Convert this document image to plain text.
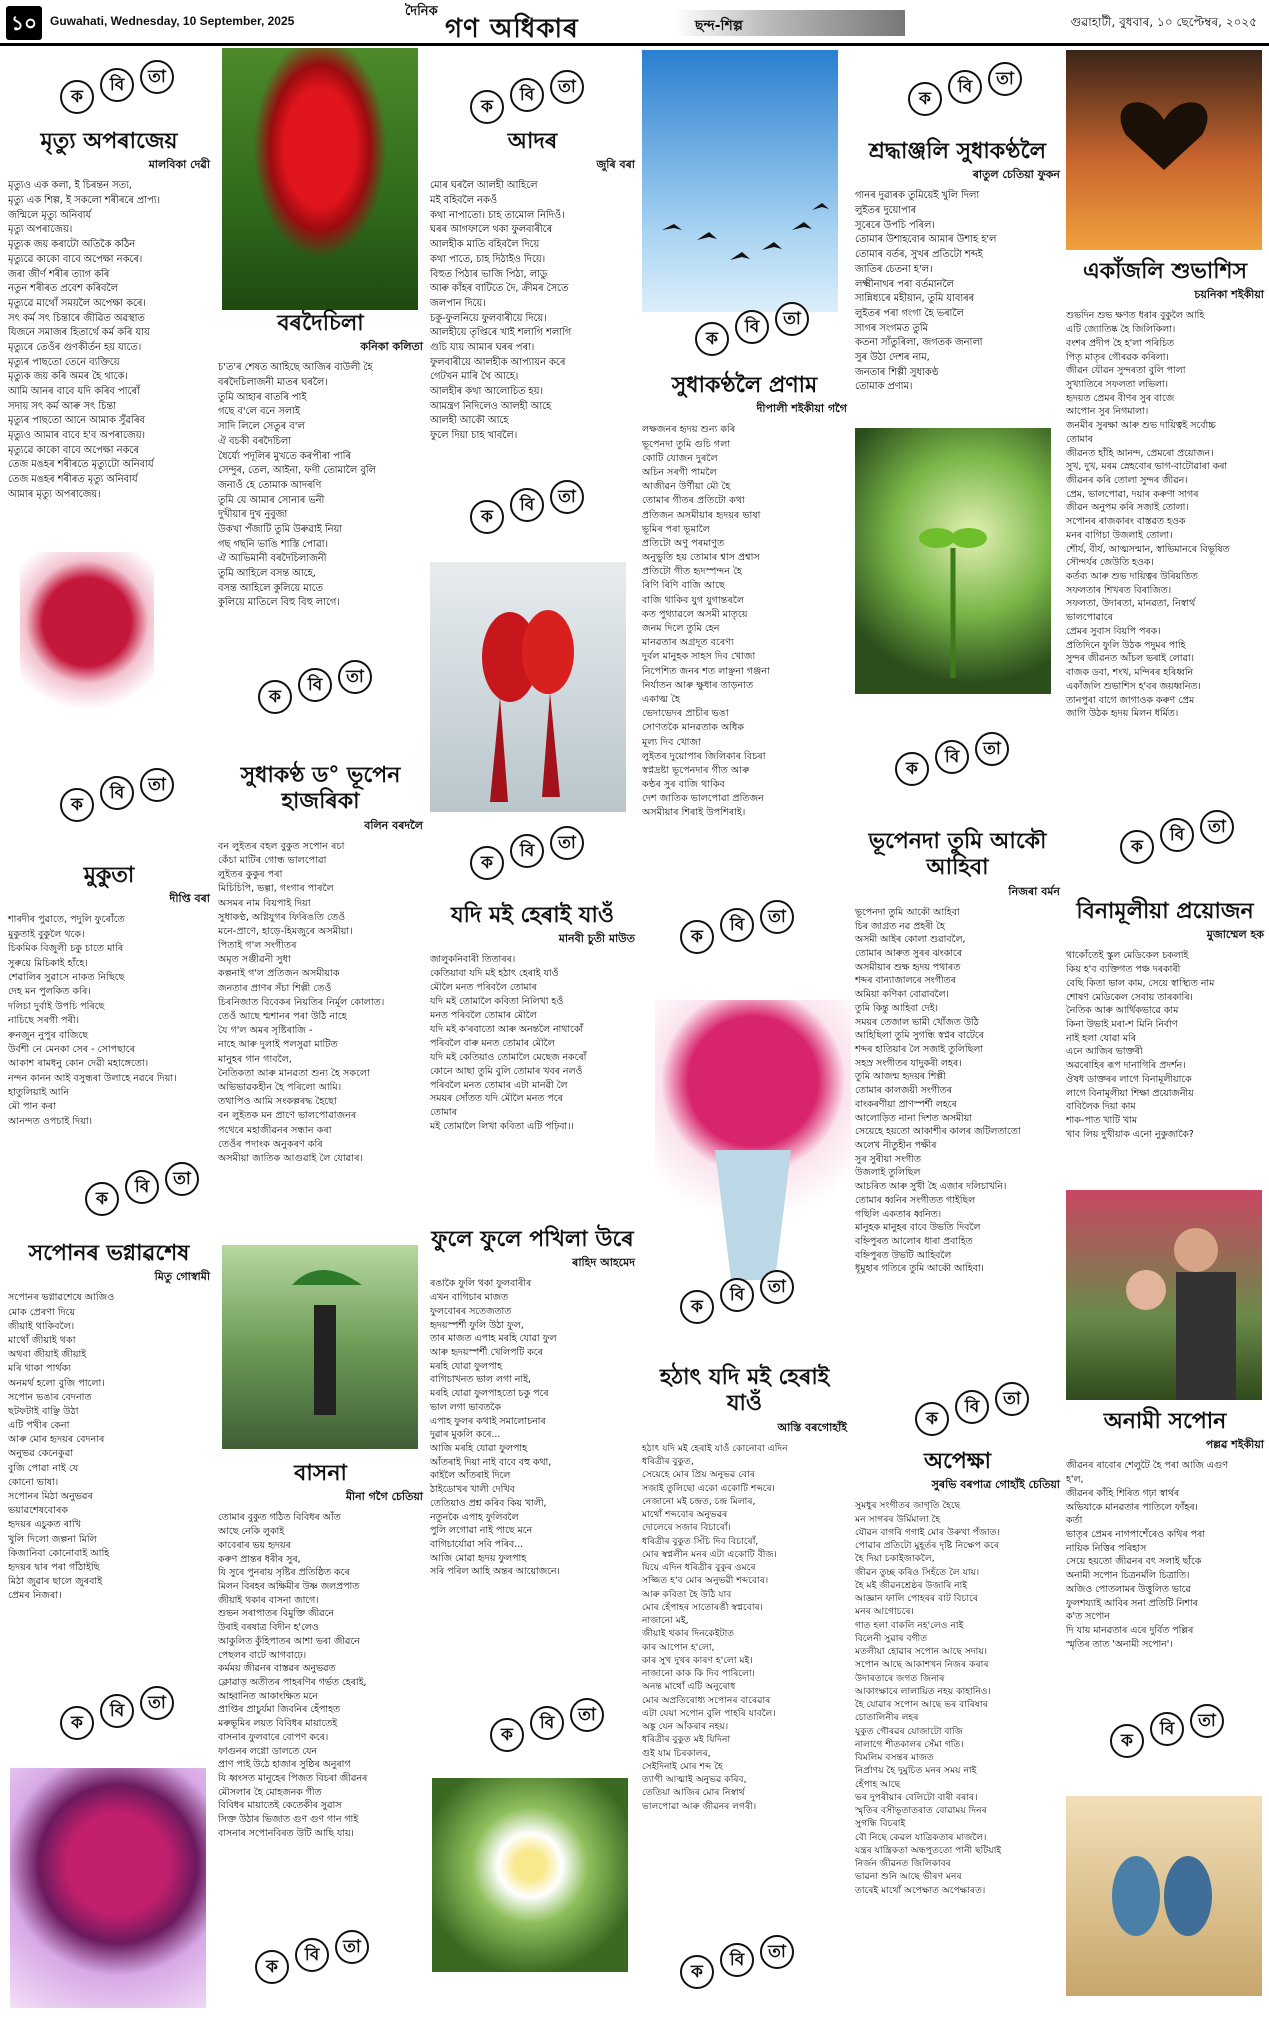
১০	Guwahati, Wednesday, 10 September, 2025
দৈনিক
গণ অধিকাৰ	ছন্দ-শিল্প	গুৱাহাটী, বুধবাৰ, ১০ ছেপ্টেম্বৰ, ২০২৫
ক
বি	তা
ক
বি	তা
ক
বি	তা
ক
বি	তা
ক
বি	তা
ক
বি	তা
ক
বি	তা
ক
বি	তা
ক
বি	তা
ক
বি	তা
ক
বি	তা
ক
বি	তা
ক
বি	তা
ক
বি	তা
ক
বি	তা
ক
বি	তা
ক
বি	তা
ক
বি	তা
ক
বি	তা
মৃত্যু অপৰাজেয়
মালবিকা দেৱী
মৃত্যুও এক কলা, ই চিৰন্তন সত্য,
মৃত্যু এক শিল্প, ই সকলো শৰীৰৰে প্ৰাপ্য।
জন্মিলে মৃত্যু অনিবাৰ্য
মৃত্যু অপৰাজেয়।
মৃত্যুক জয় কৰাটো অতিকৈ কঠিন
মৃত্যুৱে কাকো বাবে অপেক্ষা নকৰে।
জৰা জীৰ্ণ শৰীৰ ত্যাগ কৰি
নতুন শৰীৰত প্ৰবেশ কৰিবলৈ
মৃত্যুৱে মাথোঁ সময়লৈ অপেক্ষা কৰে।
সৎ কৰ্ম সৎ চিন্তাৰে জীৱিত অৱস্থাত
যিজনে সমাজৰ হিতাৰ্থে কৰ্ম কৰি যায়
মৃত্যুৰে তেওঁৰ গুণকীৰ্তন হয় যাতে।
মৃত্যুৰ পাছতো তেনে ব্যক্তিয়ে
মৃত্যুক জয় কৰি অমৰ হৈ থাকে।
আমি আনৰ বাবে যদি কৰিব পাৰোঁ
সদায় সৎ কৰ্ম আৰু সৎ চিন্তা
মৃত্যুৰ পাছতো আনে আমাক সুঁৱৰিব
মৃত্যুও আমাৰ বাবে হ'ব অপৰাজেয়।
মৃত্যুৱে কাকো বাবে অপেক্ষা নকৰে
তেজ মঙহৰ শৰীৰতে মৃত্যুটো অনিবাৰ্য
তেজ মঙহৰ শৰীৰত মৃত্যু অনিবাৰ্য
আমাৰ মৃত্যু অপৰাজেয়।
বৰদৈচিলা
কনিকা কলিতা
চ'ত'ৰ শেষত আহিছে আজিৰ বাউলী হৈ
বৰদৈচিলাজনী মাতৰ ঘৰলৈ।
তুমি আহাৰ বাতৰি পাই
গছে ব'লে বনে সলাই
সাদি লিলে সেতুৰ ব'ল
ঐ বচকী বৰদৈচিলা
ধৈৰ্য্যে পদূলিৰ মুখতে কৰপীৰা পাৰি
সেন্দুৰ, তেল, আইনা, ফণী তোমালৈ বুলি
জনাওঁ হে তোমাক আদৰণি
তুমি যে আমাৰ সোনাৰ ভনী
দুখীয়াৰ দুখ নুবুজা
উকখা পঁজাটি তুমি উৰুৱাই নিয়া
গছ গছনি ভাঙি শাস্তি পোৱা।
ঐ আভিমানী বৰদৈচিলাজনী
তুমি আহিলে বসন্ত আহে,
বসন্ত আহিলে কুলিয়ে মাতে
কুলিয়ে মাতিলে বিহু বিহু লাগে।
আদৰ
জুৰি বৰা
মোৰ ঘৰলৈ আলহী আহিলে
মই বহিবলৈ নকওঁ
কথা নাপাতো। চাহ তামোল নিদিওঁ।
ঘৰৰ আগফালে থকা ফুলবাৰীৰে
আলহীক মাতি বহিবলৈ দিয়ে
কথা পাতে, চাহ দিঠাইও দিয়ে।
বিহুত পিঠাৰ ভাজি পিঠা, লাডু
আৰু কাঁহৰ বাটিতে দৈ, ক্ৰীমৰ সৈতে
জলপান দিয়ে।
চকু-ফুলনিয়ে ফুলবাৰীয়ে দিয়ে।
আলহীয়ে তৃপ্তিৰে খাই শলাগি শলাগি
গুচি যায় আমাৰ ঘৰৰ পৰা।
ফুলবাৰীয়ে আলহীক আপ্যায়ন কৰে
গেটখন মাৰি থৈ আহে।
আলহীৰ কথা আলোচিত হয়।
আমন্ত্ৰণ নিদিলেও আলহী আহে
আলহী আকৌ আহে
ফুলে দিয়া চাহ খাবলৈ।
সুধাকণ্ঠলৈ প্ৰণাম
দীপালী শইকীয়া গগৈ
লক্ষজনৰ হৃদয় শুন্য কৰি
ভূপেনদা তুমি গুচি গলা
কোটি যোজন দুৰলৈ
অচিন সৰগী পামলৈ
আজীৱন উৰ্ণীয়া মৌ হৈ
তোমাৰ গীতৰ প্ৰতিটো কথা
প্ৰতিজন অসমীয়াৰ হৃদয়ৰ ভাষা
ভূমিৰ পৰা ভূমালৈ
প্ৰতিটো অণু পৰমাণুত
অনুভুতি হয় তোমাৰ শ্বাস প্ৰশ্বাস
প্ৰতিটো গীত হৃদস্পন্দন হৈ
ৰিণি ৰিণি বাজি আছে
বাজি থাকিব যুগ যুগান্তৰলৈ
কত পুথ্যাৱলে অসমী মাতৃয়ে
জনম দিলে তুমি হেন
মানৱতাৰ অগ্ৰদূত বৰেণ্য
দুৰ্বল মানুহক সাহস দিব খোজা
নিপেশিত জনৰ শত লাঞ্ছনা গঞ্জনা
নিৰ্যাতন আৰু ক্ষুধাৰ তাড়নাত
একাত্ম হৈ
ভেদাভেদৰ প্ৰাচীৰ ভঙা
সোণতকৈ মানৱতাক অধিক
মূল্য দিব খোজা
লুইতৰ দুয়োপাৰ জিলিকাৰ বিচৰা
স্বপ্নদ্ৰষ্টা ভূপেনদাৰ গীত আৰু
কণ্ঠৰ সুৰ বাজি থাকিব
দেশ জাতিক ভালপোৱা প্ৰতিজন
অসমীয়াৰ শিৰাই উপশিৰাই।
শ্ৰদ্ধাঞ্জলি সুধাকণ্ঠলৈ
ৰাতুল চেতিয়া ফুকন
গানৰ দুৱাৰক তুমিয়েই খুলি দিলা
লুইতৰ দুয়োপাৰ
সুৰেৰে উপচি পৰিল।
তোমাৰ উশাহবোৰ আমাৰ উশাহ হ'ল
তোমাৰ বৰ্তৰ, সুখৰ প্ৰতিটো শব্দই
জাতিৰ চেতনা হ'ল।
লক্ষ্মীনাথৰ পৰা বৰ্তমানলৈ
সান্নিধ্যৰে মহীয়ান, তুমি যাবাৰৰ
লুইতৰ পৰা গংগা হৈ ভৰালৈ
সাগৰ সংগমত তুমি
কতনা সাঁতুৰিলা, জগতক জনালা
সুৰ উঠা দেশৰ নাম,
জনতাৰ শিল্পী সুধাকণ্ঠ
তোমাক প্ৰণাম।
একাঁজলি শুভাশিস
চয়নিকা শইকীয়া
শুভদিন শুভ ক্ষণত ধৰাৰ বুকুলৈ আহি
এটি জ্যোতিষ্ক হৈ জিলিকিলা।
বংশৰ প্ৰদীপ হৈ হ'লা পৰিচিত
পিতৃ মাতৃৰ গৌৰৱক কৰিলা।
জীৱন যৌৱন সুন্দৰতা বুলি পালা
সুখ্যাতিৰে সফলতা লভিলা।
হৃদয়ত প্ৰেমৰ বীণৰ সুৰ বাজে
আপোন সুৰ নিগমালা।
জনমীৰ সুৰক্ষা আৰু শুভ দায়িত্বই সৰ্বোচ্চ
তোমাৰ
জীৱনত হাঁহি আনন্দ, প্ৰেমৰো প্ৰয়োজন।
সুখ, দুখ, মৰম স্নেহবোৰ ভাগ-বাটোৱাৰা কৰা
জীৱনৰ কৰি তোলা সুন্দৰ জীৱন।
প্ৰেম, ভালপোৱা, দয়াৰ কৰুণা সাগৰ
জীৱন অনুপম কৰি সজাই তোলা।
সপোনৰ ৰাজকাৰং বাস্তৱত হওক
মনৰ বাগিচা উজলাই তোলা।
শৌৰ্য, বীৰ্য, আত্মসন্মান, স্বাভিমানৰে বিভূষিত
সৌন্দৰ্যৰ জেউতি হওক।
কৰ্তব্য আৰু শুভ দায়িত্বৰ উৰিয়তিত
সফলতাৰ শিখৰত বিৰাজিত।
সফলতা, উদাৰতা, মানৱতা, নিস্বাৰ্থ
ভালপোৱাৰে
প্ৰেমৰ সুবাস বিয়পি পৰক।
প্ৰতিদিনে ফুলি উঠক পদুমৰ পাহি
সুন্দৰ জীৱনত আঁচল ভৰাই লোৱা।
বাজক ডবা, শংখ, মন্দিৰৰ হৰিধ্বনি
একাঁজলি শুভাশিস হ'বৰ জয়ধ্বনিত।
তানপুৰা বাগে জাগাওক কৰুণ প্ৰেম
জাগি উঠক হৃদয় মিলন ধৰ্মিত।
মুকুতা
দীপ্তি বৰা
শাৰদীৰ পুৱাতে, পদুলি ফুৰোঁতে
মুকুতাই বুকুলৈ থকে।
চিকমিক বিজুলী চকু চাতে মাৰি
সুৰুয়ে মিচিকাই হাঁহে।
শেৱালিৰ সুৱাসে নাকত নিছিছে
দেহ মন পুলকিত কৰি।
দলিচা দুৰ্বাই উপচি পৰিছে
নাচিছে সৰগী পৰী।
ৰুনজুন নুপুৰ বাজিছে
উৰ্বশী নে মেনকা সেৰ - সোপছাৰে
আকাশ ৰামধনু কোন দেৱী মহাঙ্গেতো।
নন্দন কানন আই বসুন্ধৰা উলাহে নৱৰে দিয়া।
হাতুলিয়াই আনি
মৌ পান কৰা
আনন্দত ওপচাই দিয়া।
সুধাকণ্ঠ ড° ভূপেন হাজৰিকা
বলিন বৰদলৈ
বন লুইতৰ বহল বুকুত সপোন ৰচা
কেঁচা মাটিৰ গোন্ধ ভালপোৱা
লুইতৰ কুকুৰ পৰা
মিচিচিপি, ভল্গা, গংগাৰ পাৰলৈ
অসমৰ নাম বিয়পাই দিয়া
সুধাকণ্ঠ, অগ্নিযুগৰ ফিৰিঙতি তেওঁ
মনে-প্ৰাণে, হাড়ে-হিমজুৰে অসমীয়া।
পিতাই গ'ল সংগীতৰ
অমৃত সঞ্জীৱনী সুধা
কল্পনাই গ'ল প্ৰতিজন অসমীয়াক
জনতাৰ প্ৰাণৰ সঁচা শিল্পী তেওঁ
চিৰনিজাত বিবেকৰ নিয়তিৰ নিৰ্মূল কোলাত।
তেওঁ আছে শ্মশানৰ পৰা উঠি নাহে
যৈ গ'ল অমৰ সৃষ্টিৰাজি -
নাহে আৰু দুলাই পলসুৱা মাটিত
মানুহৰ গান গাবলৈ,
নৈতিকতা আৰু মানৱতা শুন্য হৈ সকলো
অভিভাৱকহীন হৈ পৰিলো আমি।
তথাপিও আমি সংকল্পৰদ্ধ হৈছো
বন লুইতক মন প্ৰাণে ভালপোৱাজনৰ
পথেৰে মহাজীৱনৰ সন্ধান কৰা
তেওঁৰ পদাংক অনুকৰণ কৰি
অসমীয়া জাতিক আগুৱাই লৈ যোৱাৰ।
যদি মই হেৰাই যাওঁ
মানবী চুতী মাউত
জালুকনিবাৰী তিতাৰৰ।
কেতিয়াবা যদি মই হঠাৎ হেৰাই যাওঁ
মৌলৈ মনত পৰিবলৈ তোমাৰ
যদি মই তোমালৈ কবিতা নিলিখা হওঁ
মনত পৰিবলৈ তোমাৰ মৌলৈ
যদি মই ক'ৰবাতো আৰু অনন্তলৈ নাথাকোঁ
পৰিবলৈ বাৰু মনত তোমাৰ মৌলৈ
যদি মই কেতিয়াও তোমালৈ মেছেজ নকৰোঁ
কোনে আছা তুমি বুলি তোমাৰ খবৰ নলওঁ
পৰিবলৈ মনত তোমাৰ এটা মানৱী লৈ
সময়ৰ সোঁতত যদি মৌলৈ মনত পৰে
তোমাৰ
মই তোমালৈ লিখা কবিতা এটি পঢ়িবা।।
ভূপেনদা তুমি আকৌ আহিবা
নিজৰা বৰ্মন
ভূপেনদা তুমি আকৌ আহিবা
চিৰ জাগ্ৰত নৱ প্ৰহৰী হৈ
অসমী আইৰ কোলা শুৱাবলৈ,
তোমাৰ আৰুত সুৰৰ ঝংকাৰে
অসমীয়াৰ শুক্ষ হৃদয় পথাৰত
শব্দৰ বান্যাজালৰে সংগীতৰ
অমিয়া কণিকা বোৱাবলৈ।
তুমি কিন্তু আহিবা দেই।
সময়ৰ তেজাল ভামী খোঁজত উঠি
আহিছিলা তুমি সুগন্ধি স্বপ্নৰ বাটেৰে
শব্দৰ হাতিয়াৰ লৈ সজাই তুলিছিলা
সহস্ৰ সংগীতৰ যাদুকৰী লহৰ।
তুমি আজন্ম হৃদয়ৰ শিল্পী
তোমাৰ কালজয়ী সংগীতৰ
বাংকৰণীয়া প্ৰাণস্পৰ্শী লহৰে
আলোড়িত নানা দিশত অসমীয়া
সেয়েহে হয়তো আকাশীৰ কালৰ জটিলতাতো
অলেখ নীতুহীন পক্ষীৰ
সুৰ সুৰীয়া সংগীত
উজলাই তুলিছিল
আচৰিত আৰু সুখী হৈ এজাৰ দলিচাখনি।
তোমাৰ ধ্বনিৰ সংগীতত গাইছিল
গছিলি একতাৰ ধ্বনিত।
মানুহক মানুহৰ বাবে উভতি দিবলৈ
বহ্নিপুৰত আলোৰ ধাৰা প্ৰবাহিত
বহ্নিপুৰত উভটি আহিবলৈ
ধূমুহাৰ গতিৰে তুমি আকৌ আহিবা।
বিনামূলীয়া প্ৰয়োজন
মুজাম্মেল হক
থাকোঁতেই স্কুল মেডিকেল চকলাই
কিয় হ'ব ব্যক্তিগত পঞ্চ দৰকাৰী
বেছি কিতা ভাল কাম, সেয়ে স্বাস্থ্যিত নাম
শোষণ মেডিকেল সেবায় তাৰকাৰি।
নৈতিক আৰু আৰ্থিকভাৱে কাম
কিনা উভাই মৰা-শ মিনি নিৰ্বাণ
নাই হলা যোৱা মৰি
এনে আজিৰ ভাক্তৰী
অৱৰোহিৰ ৰূপ দানাগিৰি প্ৰদৰ্শন।
ঔষধ ডাক্তৰৰ লাগে বিনামূলীয়াকে
লাগে বিনামূলীয়া শিক্ষা প্ৰয়োজনীয়
বাবিলৈক দিয়া কাম
শাক-পাত খাটি খাম
খাব লিয় দুখীয়াক এনো নুকুজাকৈ?
সপোনৰ ভগ্নাৱশেষ
মিতু গোস্বামী
সপোনৰ ভগ্নাৱশেষে আজিও
মোক প্ৰেৰণা দিয়ে
জীয়াই থাকিবলৈ।
মাথোঁ জীয়াই থকা
অথবা জীয়াই জীয়াই
মৰি থাকা পাৰ্থক্য
অনমৰ্থ হলো বুজি পালো।
সপোন ভঙাৰ বেদনাত
ছটফটাই বাঞ্ছি উঠা
এটি পখীৰ কেনা
আৰু মোৰ হৃদয়ৰ বেদনাৰ
অনুভৱ কেনেকুৱা
বুজি পোৱা নাই যে
কোনো ভাষা।
সপোনৰ মিঠা অনুভৱৰ
ভয়াৱশেষবোৰক
হৃদয়ৰ এচুকত ৰাখি
খুলি দিলো জল্পনা মিলি
কিজানিবা কোনোবাই আহি
হৃদয়ৰ দ্বাৰ পৰা গাঁঠাইছি
মিঠা জুৱাৰ ছালে জুৰবাই
প্ৰেমৰ নিজৰা।
বাসনা
মীনা গগৈ চেতিয়া
তোমাৰ বুকুত গঠিত বিবিধৰ আঁত
আছে নেকি লুকাই
কাবেৰাৰ ভয় হৃদয়ৰ
কৰুণ প্ৰান্তৰ ধৰীৰ সুৰ,
যি সুৰে পুনৰায় সৃষ্টিৰ প্ৰতিষ্ঠিত কৰে
মিলন বিৰহৰ অক্ষিমীৰ উষ্ণ জলপ্ৰপাত
জীয়াই থকাৰ বাসনা জাগে।
শুভন সৰাপাতৰ বিমুক্তি জীৱনে
উৰাই বৰষাত্ৰ বিদীন হ'লেও
আকুলিত কুঁহিপাতৰ আশা ভৰা জীৱনে
পেছলৰ বাটে আগবাঢ়ে।
কৰ্মময় জীৱনৰ বাস্তৱৰ অনুভৱত
ক্লোৱাড় অতীতৰ পাহৰণিৰ গৰ্ভত হেৰাই,
আহ্বানিত আকাংক্ষিত মনে
প্ৰাপ্তিৰ প্ৰাচুৰ্যমা জিবনিৰ হেঁপাহত
মৰুভূমিৰ লয়ত বিবিধৰ মায়াতেই
বাসনাৰ ফুলবাৰে বোপণ কৰে।
ফাগুনৰ লগ্নো ডালতে যেন
প্ৰাণ পাই উঠে হাজাৰ সুষ্ঠিৰ অনুৰাগ
যি ধ্বংসত মানুহেৰ পিজত বিচৰা জীৱনৰ
মৌসলাৰ হৈ মোহজনক গীত
বিবিধৰ মায়াতেই কেতেকীৰ সুৱাস
সিক্ত উঠাৰ ভিজাত গুণ গুণ গান গাই
বাসনাৰ সপোনবিৰত উটি আছি যায়।
ফুলে ফুলে পখিলা উৰে
ৰাহিদ আহমেদ
ৰঙাকৈ ফুলি থকা ফুলবাৰীৰ
এখন বাগিচাৰ মাজত
ফুলবোৰৰ সতেজতাত
হৃদয়স্পৰ্শী ফুলি উঠা ফুল,
তাৰ মাজত এপাহ মৰহি যোৱা ফুল
আৰু হৃদয়স্পৰ্শী খেলিপটি কৰে
মৰহি যোৱা ফুলপাহ
বাগিচাখনত ভাল লগা নাই,
মৰহি যোৱা ফুলপাহতো চকু পৰে
ভাল লগা ভাবতকৈ
এপাহ ফুলৰ কথাই সমালোচনাৰ
দুৱাৰ মুকলি কৰে...
আজি মৰহি যোৱা ফুলপাহ
আঁতৰাই দিয়া নাই বাবে বহু কথা,
কাইলৈ আঁতৰাই দিলে
ঠাইডোখৰ খালী দেখিব
তেতিয়াও প্ৰশ্ন কৰিব কিয় খালী,
নতুনকৈ এপাহ ফুলিবলৈ
পুলি লগোৱা নাই পাছে মনে
বাগিচাৰ্যোৱা সবি পৰিব...
আজি মোৱা হৃদয় ফুলপাহ
সৰি পৰিল আহি অন্তৰ আয়োজনে।
হঠাৎ যদি মই হেৰাই যাওঁ
আস্তি বৰগোহাঁই
হঠাৎ যদি মই হেৰাই যাওঁ কোনোবা এদিন
ধৰিত্ৰীৰ বুকুত,
সেয়েহে মোৰ প্ৰিয় অনুভৱ বোৰ
সজাই তুলিছো একো একোটি শব্দৰে।
নেজানো মই চন্দ্ৰত, চন্দ্ৰ মিলাৰ,
মাথোঁ শব্দবোৰ অনুভৱৰ
দোলেৰে সজাৰ বিচাৰোঁ।
ধৰিত্ৰীৰ বুকুত সিঁচি দিব বিচাৰোঁ,
মোৰ স্বপ্নলীন মনৰ এটা একোটি বীজ।
যিয়ে এদিন ধৰিত্ৰীৰ বুকুৰ ওমৰে
সজ্জিত হ'ব মোৰ অনুভৱী শব্দবোৰ।
আৰু কবিতা হৈ উঠি যাব
মোৰ হেঁপাহৰ সাতোৰঙী স্বপ্নবোৰ।
নাজানো মই,
জীয়াই থকাৰ দিনকেইটাত
কাৰ আপোন হ'লো,
কাৰ সুখ দুখৰ কাৰণ হ'লো মই।
নাজানো কাক কি দিব পাৰিলো।
অনন্ত মাথোঁ এটি অনুৰোধ
মোৰ অপ্ৰতিৰোধ্য সপোনৰ বাৰেৱাৰ
এটা যেয়া সপোন বুলি পাহৰি যাবলৈ।
অঙ্কু যেন আঁকৰাৰ নহয়।
ধৰিত্ৰীৰ বুকুত মই যিদিনা
গুই যাম চিৰকালৰ,
সেইদিনাই মোৰ শব্দ হৈ
ত্যাগী আত্মাই অনুভৱ কৰিব,
তেতিয়া আজিৰ মোৰ নিস্বাৰ্থ
ভালপোৱা আৰু জীৱনৰ লগৰী।
অপেক্ষা
সুৰভি বৰপাত্ৰ গোহাঁই চেতিয়া
সুমধুৰ সংগীতৰ জাগৃতি হৈছে
মন সাগৰৰ উৰ্মিমালা হৈ
যৌৱন বাগৰি গগাই মোৰ উৰুখা পঁজাত।
পোৱাৰ প্ৰতিটো মুহূৰ্তৰ দৃষ্টি নিক্ষেপ কৰে
হৈ দিয়া চকাইজাকলৈ,
জীৱন তুচ্ছ কৰিও সিহঁতে লৈ যায়।
হৈ মই জীৱনশ্ৰেষ্ঠৰ উজাৰি নাই
আজ্ঞান ফালি পোহৰৰ বাট বিচাৰে
মনৰ আগোচৰে।
গাত হলা বাকলি নহ'লেও নাই
বিলেনী সুৱাৰ বগীত
মতলীয়া হোৱাৰ সপোন আছে সদায়।
সপোন আছে আকাশখন নিজৰ কৰাৰ
উদাৰতাৰে জগত জিনাৰ
আকাংক্ষাৰে লালায়িত নহয় কাহানিও।
হৈ যোৱাৰ সপোন আছে ভৰ বাৰিষাৰ
চোতালিনীৰ লহৰ
যুকুত গৌৰৱৰ যোজাটো বাজি
নালাগে শীতকালৰ সেঁমা গতি।
বিমলিম বসন্তৰ মাজত
নিৰ্প্ৰাণয় হৈ দুমুচিত মনৰ সময় নাই
হেঁপাহ আছে
ভৰ দুপৰীয়াৰ বেলিটো বাৰী বৰাৰ।
স্মৃতিৰ বসীভূতাতৰাত বোৱাময় দিনৰ
সুগন্ধি বিচৰাই
বৌ নিছে কেৱল যাত্ৰিকতাৰ মাজলৈ।
যন্ত্ৰৰ যান্ত্ৰিকতা অন্ধপুততো পানী ছটিয়াই
নিৰ্জন জীৱনত জিলিকাবৰ
ভাৱনা শুনি আছে ভীৰণ মনৰ
তাৰেই মাথোঁ অপেক্ষাত অপেক্ষাৰত।
অনামী সপোন
পল্লৱ শইকীয়া
জীৱনৰ ৰাবোৰ শেলুটৈ হৈ পৰা আজি এগুণ
হ'ল,
জীৱনৰ কাঁহি শিৰিত গঢ়া স্বাৰ্থৰ
অভিযাকে মানৱতাৰ পাতিলে ফাঁহৰ।
কৰ্তা
ভাতৃৰ প্ৰেমৰ নাগপাশেঁৰেও কথিৰ পৰা
নায়িক নিত্তিৰ পৰিহাস
সেয়ে হয়তো জীৱনৰ বৎ সলাই ছাঁকে
অনামী সপোন চিত্ৰনৰ্মলি চিত্ৰাতি।
অজিও পোতলামৰ উত্তুলিত ভাৱে
ফুলশয্যাই আবিৰ সনা প্ৰতিটি নিশাৰ
ক'ত সপোন
দি যায় মানৱতাৰ এৰে দুৰ্বিত পল্লিৰ
স্মৃতিৰ তাত 'অনামী সপোন'।
